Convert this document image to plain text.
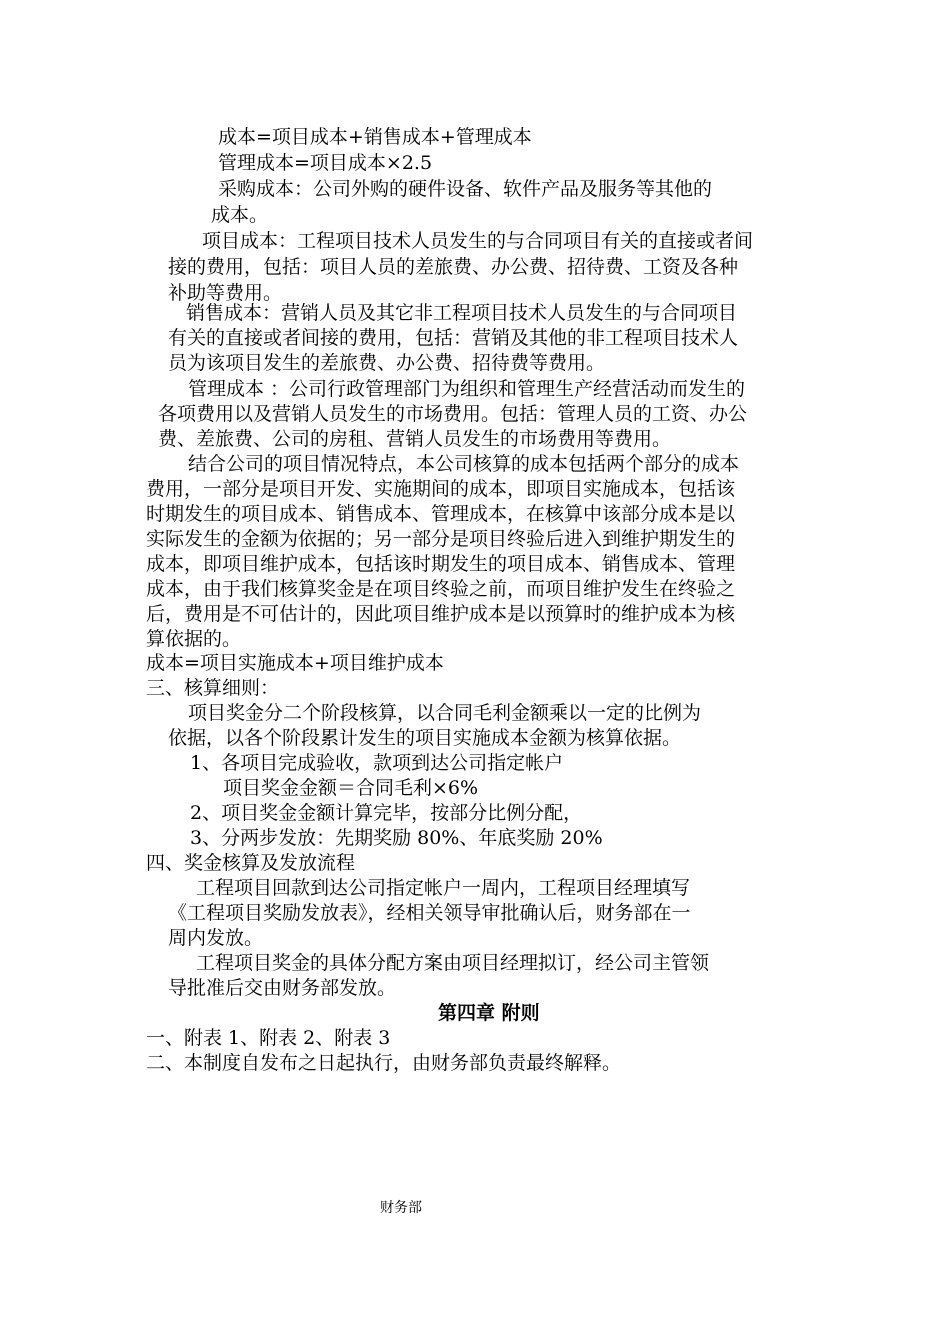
成本=项目成本+销售成本+管理成本
管理成本=项目成本×2.5
采购成本：公司外购的硬件设备、软件产品及服务等其他的
成本。
项目成本：工程项目技术人员发生的与合同项目有关的直接或者间
接的费用，包括：项目人员的差旅费、办公费、招待费、工资及各种
补助等费用。
销售成本：营销人员及其它非工程项目技术人员发生的与合同项目
有关的直接或者间接的费用，包括：营销及其他的非工程项目技术人
员为该项目发生的差旅费、办公费、招待费等费用。
管理成本 ：公司行政管理部门为组织和管理生产经营活动而发生的
各项费用以及营销人员发生的市场费用。包括：管理人员的工资、办公
费、差旅费、公司的房租、营销人员发生的市场费用等费用。
结合公司的项目情况特点，本公司核算的成本包括两个部分的成本
费用，一部分是项目开发、实施期间的成本，即项目实施成本，包括该
时期发生的项目成本、销售成本、管理成本，在核算中该部分成本是以
实际发生的金额为依据的；另一部分是项目终验后进入到维护期发生的
成本，即项目维护成本，包括该时期发生的项目成本、销售成本、管理
成本，由于我们核算奖金是在项目终验之前，而项目维护发生在终验之
后，费用是不可估计的，因此项目维护成本是以预算时的维护成本为核
算依据的。
成本=项目实施成本+项目维护成本
三、核算细则：
项目奖金分二个阶段核算，以合同毛利金额乘以一定的比例为
依据，以各个阶段累计发生的项目实施成本金额为核算依据。
1、各项目完成验收，款项到达公司指定帐户
项目奖金金额＝合同毛利×6%
2、项目奖金金额计算完毕，按部分比例分配，
3、分两步发放：先期奖励 80%、年底奖励 20%
四、奖金核算及发放流程
工程项目回款到达公司指定帐户一周内，工程项目经理填写
《工程项目奖励发放表》，经相关领导审批确认后，财务部在一
周内发放。
工程项目奖金的具体分配方案由项目经理拟订，经公司主管领
导批准后交由财务部发放。
第四章 附则
一、附表 1、附表 2、附表 3
二、本制度自发布之日起执行，由财务部负责最终解释。
财务部
